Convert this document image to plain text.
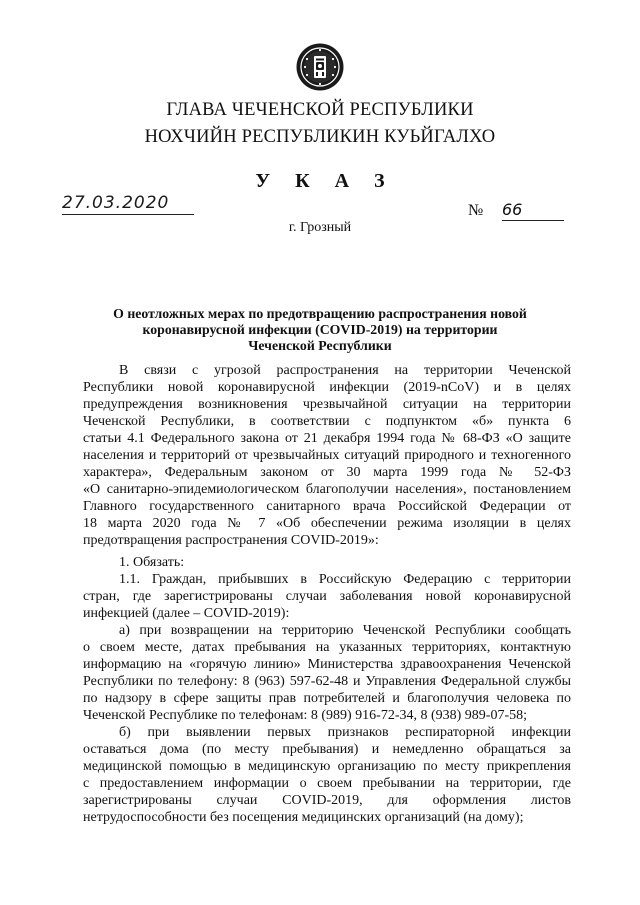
ГЛАВА ЧЕЧЕНСКОЙ РЕСПУБЛИКИ
НОХЧИЙН РЕСПУБЛИКИН КУЬЙГАЛХО
У К А З
27.03.2020	№ 66
г. Грозный
О неотложных мерах по предотвращению распространения новой
коронавирусной инфекции (COVID-2019) на территории
Чеченской Республики
В связи с угрозой распространения на территории Чеченской
Республики новой коронавирусной инфекции (2019-nCoV) и в целях
предупреждения возникновения чрезвычайной ситуации на территории
Чеченской Республики, в соответствии с подпунктом «б» пункта 6
статьи 4.1 Федерального закона от 21 декабря 1994 года № 68-ФЗ «О защите
населения и территорий от чрезвычайных ситуаций природного и техногенного
характера», Федеральным законом от 30 марта 1999 года № 52-ФЗ
«О санитарно-эпидемиологическом благополучии населения», постановлением
Главного государственного санитарного врача Российской Федерации от
18 марта 2020 года № 7 «Об обеспечении режима изоляции в целях
предотвращения распространения COVID-2019»:
1. Обязать:
1.1. Граждан, прибывших в Российскую Федерацию с территории
стран, где зарегистрированы случаи заболевания новой коронавирусной
инфекцией (далее – COVID-2019):
а) при возвращении на территорию Чеченской Республики сообщать
о своем месте, датах пребывания на указанных территориях, контактную
информацию на «горячую линию» Министерства здравоохранения Чеченской
Республики по телефону: 8 (963) 597-62-48 и Управления Федеральной службы
по надзору в сфере защиты прав потребителей и благополучия человека по
Чеченской Республике по телефонам: 8 (989) 916-72-34, 8 (938) 989-07-58;
б) при выявлении первых признаков респираторной инфекции
оставаться дома (по месту пребывания) и немедленно обращаться за
медицинской помощью в медицинскую организацию по месту прикрепления
с предоставлением информации о своем пребывании на территории, где
зарегистрированы случаи COVID-2019, для оформления листов
нетрудоспособности без посещения медицинских организаций (на дому);
